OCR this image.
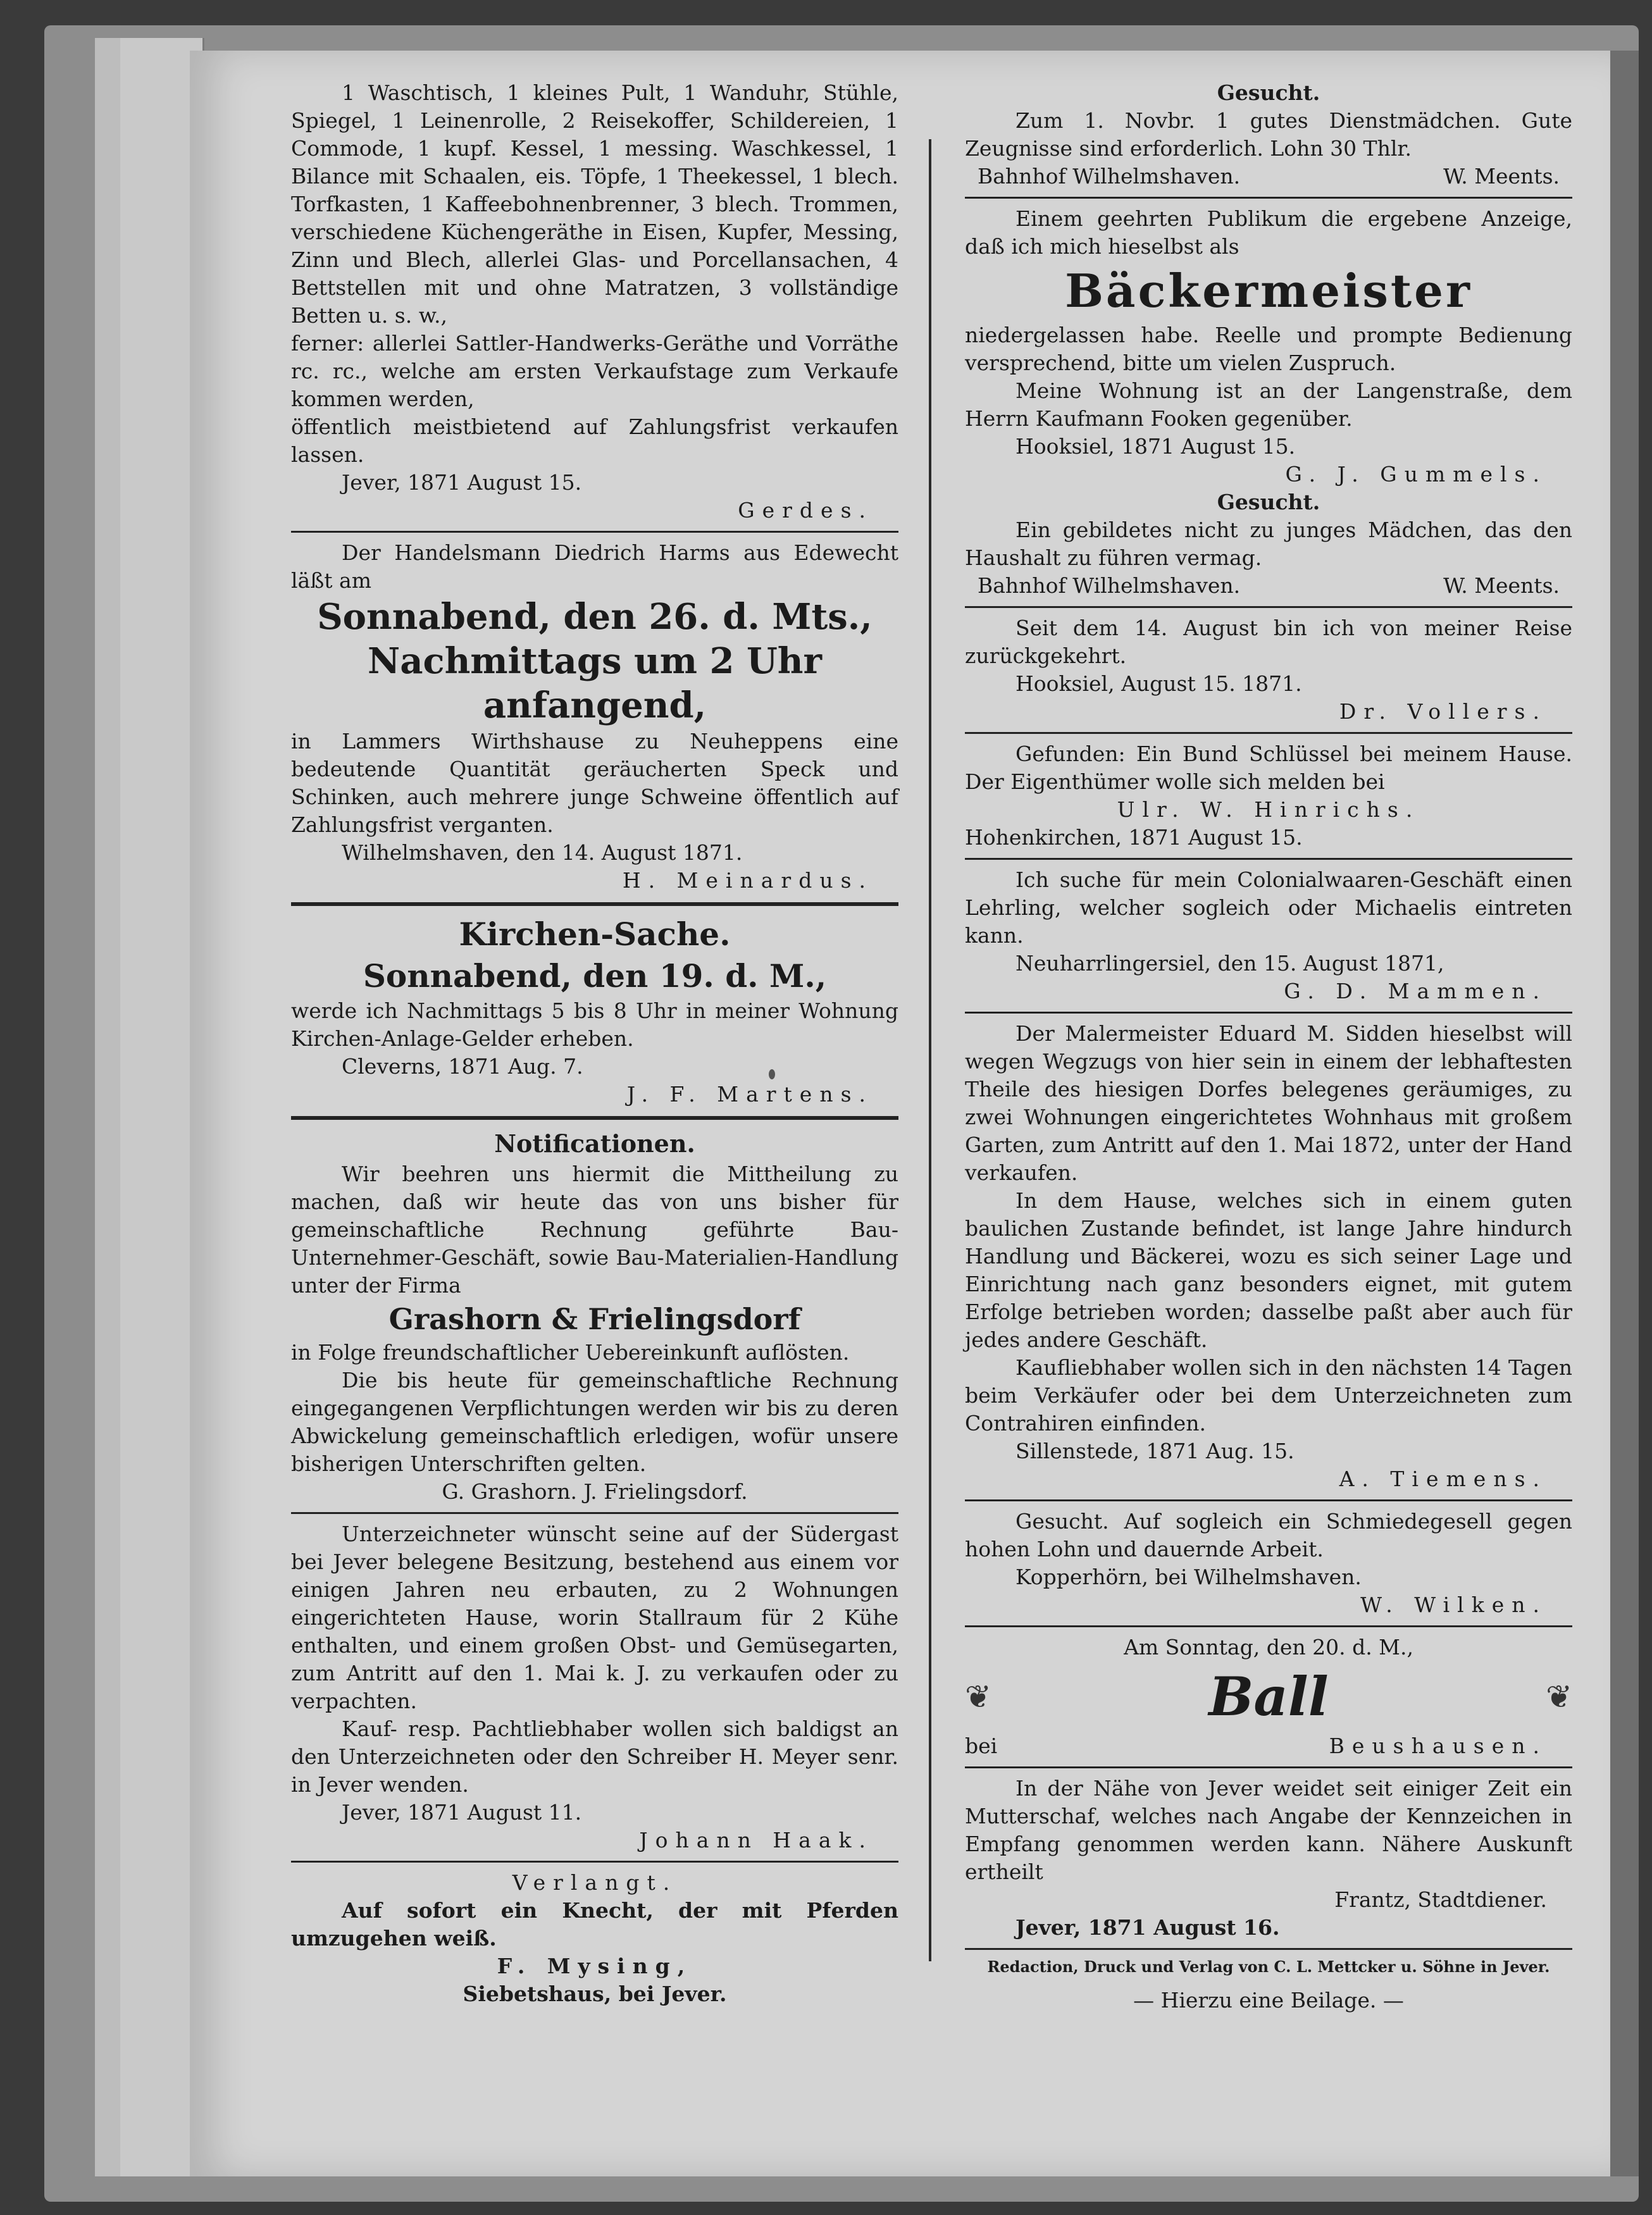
1 Waschtisch, 1 kleines Pult, 1 Wanduhr, Stühle, Spiegel, 1 Leinenrolle, 2 Reisekoffer, Schildereien, 1 Commode, 1 kupf. Kessel, 1 messing. Waschkessel, 1 Bilance mit Schaalen, eis. Töpfe, 1 Theekessel, 1 blech. Torfkasten, 1 Kaffeebohnenbrenner, 3 blech. Trommen, verschiedene Küchengeräthe in Eisen, Kupfer, Messing, Zinn und Blech, allerlei Glas- und Porcellansachen, 4 Bettstellen mit und ohne Matratzen, 3 vollständige Betten u. s. w.,

ferner: allerlei Sattler-Handwerks-Geräthe und Vorräthe rc. rc., welche am ersten Verkaufstage zum Verkaufe kommen werden,

öffentlich meistbietend auf Zahlungsfrist verkaufen lassen.

Jever, 1871 August 15.

Gerdes.

Der Handelsmann Diedrich Harms aus Edewecht läßt am

Sonnabend, den 26. d. Mts.,

Nachmittags um 2 Uhr anfangend,

in Lammers Wirthshause zu Neuheppens eine bedeutende Quantität geräucherten Speck und Schinken, auch mehrere junge Schweine öffentlich auf Zahlungsfrist verganten.

Wilhelmshaven, den 14. August 1871.

H. Meinardus.

Kirchen-Sache.

Sonnabend, den 19. d. M.,

werde ich Nachmittags 5 bis 8 Uhr in meiner Wohnung Kirchen-Anlage-Gelder erheben.

Cleverns, 1871 Aug. 7.

J. F. Martens.

Notificationen.

Wir beehren uns hiermit die Mittheilung zu machen, daß wir heute das von uns bisher für gemeinschaftliche Rechnung geführte Bau-Unternehmer-Geschäft, sowie Bau-Materialien-Handlung unter der Firma

Grashorn & Frielingsdorf

in Folge freundschaftlicher Uebereinkunft auflösten.

Die bis heute für gemeinschaftliche Rechnung eingegangenen Verpflichtungen werden wir bis zu deren Abwickelung gemeinschaftlich erledigen, wofür unsere bisherigen Unterschriften gelten.

G. Grashorn. J. Frielingsdorf.

Unterzeichneter wünscht seine auf der Südergast bei Jever belegene Besitzung, bestehend aus einem vor einigen Jahren neu erbauten, zu 2 Wohnungen eingerichteten Hause, worin Stallraum für 2 Kühe enthalten, und einem großen Obst- und Gemüsegarten, zum Antritt auf den 1. Mai k. J. zu verkaufen oder zu verpachten.

Kauf- resp. Pachtliebhaber wollen sich baldigst an den Unterzeichneten oder den Schreiber H. Meyer senr. in Jever wenden.

Jever, 1871 August 11.

Johann Haak.

Verlangt.

Auf sofort ein Knecht, der mit Pferden umzugehen weiß.

F. Mysing,

Siebetshaus, bei Jever.

Gesucht.

Zum 1. Novbr. 1 gutes Dienstmädchen. Gute Zeugnisse sind erforderlich. Lohn 30 Thlr.

Bahnhof Wilhelmshaven.	W. Meents.

Einem geehrten Publikum die ergebene Anzeige, daß ich mich hieselbst als

Bäckermeister

niedergelassen habe. Reelle und prompte Bedienung versprechend, bitte um vielen Zuspruch.

Meine Wohnung ist an der Langenstraße, dem Herrn Kaufmann Fooken gegenüber.

Hooksiel, 1871 August 15.

G. J. Gummels.

Gesucht.

Ein gebildetes nicht zu junges Mädchen, das den Haushalt zu führen vermag.

Bahnhof Wilhelmshaven.	W. Meents.

Seit dem 14. August bin ich von meiner Reise zurückgekehrt.

Hooksiel, August 15. 1871.

Dr. Vollers.

Gefunden: Ein Bund Schlüssel bei meinem Hause. Der Eigenthümer wolle sich melden bei

Ulr. W. Hinrichs.

Hohenkirchen, 1871 August 15.

Ich suche für mein Colonialwaaren-Geschäft einen Lehrling, welcher sogleich oder Michaelis eintreten kann.

Neuharrlingersiel, den 15. August 1871,

G. D. Mammen.

Der Malermeister Eduard M. Sidden hieselbst will wegen Wegzugs von hier sein in einem der lebhaftesten Theile des hiesigen Dorfes belegenes geräumiges, zu zwei Wohnungen eingerichtetes Wohnhaus mit großem Garten, zum Antritt auf den 1. Mai 1872, unter der Hand verkaufen.

In dem Hause, welches sich in einem guten baulichen Zustande befindet, ist lange Jahre hindurch Handlung und Bäckerei, wozu es sich seiner Lage und Einrichtung nach ganz besonders eignet, mit gutem Erfolge betrieben worden; dasselbe paßt aber auch für jedes andere Geschäft.

Kaufliebhaber wollen sich in den nächsten 14 Tagen beim Verkäufer oder bei dem Unterzeichneten zum Contrahiren einfinden.

Sillenstede, 1871 Aug. 15.

A. Tiemens.

Gesucht. Auf sogleich ein Schmiedegesell gegen hohen Lohn und dauernde Arbeit.

Kopperhörn, bei Wilhelmshaven.

W. Wilken.

Am Sonntag, den 20. d. M.,

❦	Ball	❦

bei	Beushausen.

In der Nähe von Jever weidet seit einiger Zeit ein Mutterschaf, welches nach Angabe der Kennzeichen in Empfang genommen werden kann. Nähere Auskunft ertheilt

Frantz, Stadtdiener.

Jever, 1871 August 16.

Redaction, Druck und Verlag von C. L. Mettcker u. Söhne in Jever.

— Hierzu eine Beilage. —
